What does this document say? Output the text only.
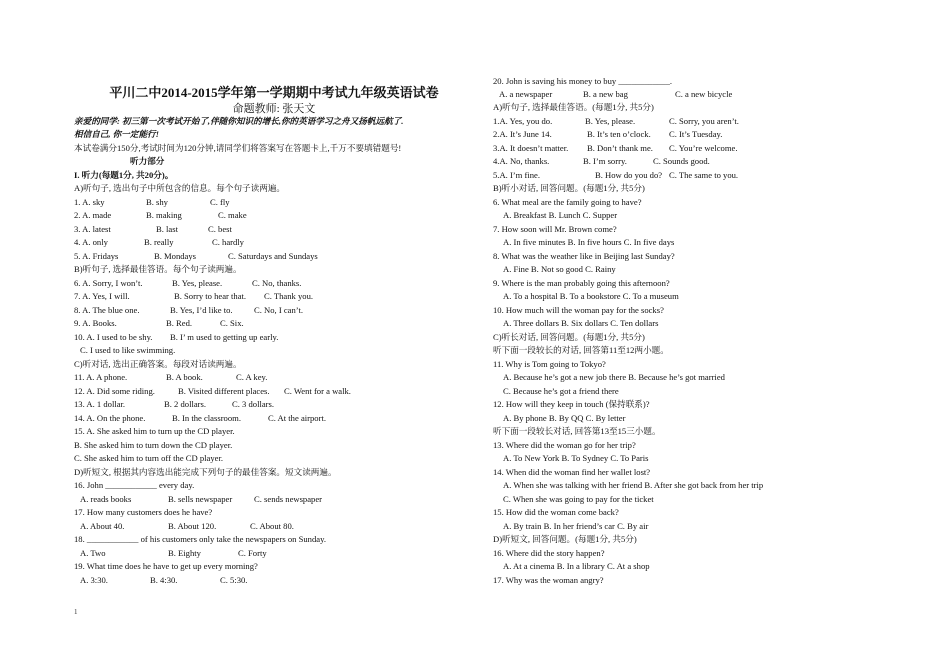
平川二中2014-2015学年第一学期期中考试九年级英语试卷
命题教师: 张天文
亲爱的同学: 初三第一次考试开始了,伴随你知识的增长,你的英语学习之舟又扬帆远航了.
相信自己, 你一定能行!
本试卷满分150分,考试时间为120分钟,请同学们将答案写在答题卡上,千万不要填错题号!
听力部分
I. 听力(每题1分, 共20分)。
A)听句子, 选出句子中所包含的信息。每个句子读两遍。
1. A. sky	B. shy	C. fly
2. A. made	B. making	C. make
3. A. latest	B. last	C. best
4. A. only	B. really	C. hardly
5. A. Fridays	B. Mondays	C. Saturdays and Sundays
B)听句子, 选择最佳答语。每个句子读两遍。
6. A. Sorry, I won’t.	B. Yes, please.	C. No, thanks.
7. A. Yes, I will.	B. Sorry to hear that. C. Thank you.
8. A. The blue one.	B. Yes, I’d like to. C. No, I can’t.
9. A. Books.	B. Red.	C. Six.
10. A. I used to be shy. B. I’ m used to getting up early.
C. I used to like swimming.
C)听对话, 选出正确答案。每段对话读两遍。
11. A. A phone.	B. A book.	C. A key.
12. A. Did some riding.	B. Visited different places. C. Went for a walk.
13. A. 1 dollar.	B. 2 dollars.	C. 3 dollars.
14. A. On the phone.	B. In the classroom.	C. At the airport.
15. A. She asked him to turn up the CD player.
B. She asked him to turn down the CD player.
C. She asked him to turn off the CD player.
D)听短文, 根据其内容选出能完成下列句子的最佳答案。短文读两遍。
16. John ____________ every day.
A. reads books	B. sells newspaper	C. sends newspaper
17. How many customers does he have?
A. About 40.	B. About 120.	C. About 80.
18. ____________ of his customers only take the newspapers on Sunday.
A. Two	B. Eighty	C. Forty
19. What time does he have to get up every morning?
A. 3:30.	B. 4:30.	C. 5:30.
20. John is saving his money to buy ____________.
A. a newspaper	B. a new bag	C. a new bicycle
A)听句子, 选择最佳答语。(每题1分, 共5分)
1.A. Yes, you do.	B. Yes, please.	C. Sorry, you aren’t.
2.A. It’s June 14.	B. It’s ten o’clock. C. It’s Tuesday.
3.A. It doesn’t matter. B. Don’t thank me. C. You’re welcome.
4.A. No, thanks.	B. I’m sorry.	C. Sounds good.
5.A. I’m fine.	B. How do you do? C. The same to you.
B)听小对话, 回答问题。(每题1分, 共5分)
6. What meal are the family going to have?
A. Breakfast B. Lunch C. Supper
7. How soon will Mr. Brown come?
A. In five minutes B. In five hours C. In five days
8. What was the weather like in Beijing last Sunday?
A. Fine B. Not so good C. Rainy
9. Where is the man probably going this afternoon?
A. To a hospital B. To a bookstore C. To a museum
10. How much will the woman pay for the socks?
A. Three dollars B. Six dollars C. Ten dollars
C)听长对话, 回答问题。(每题1分, 共5分)
听下面一段较长的对话, 回答第11至12两小题。
11. Why is Tom going to Tokyo?
A. Because he’s got a new job there B. Because he’s got married
C. Because he’s got a friend there
12. How will they keep in touch (保持联系)?
A. By phone B. By QQ C. By letter
听下面一段较长对话, 回答第13至15三小题。
13. Where did the woman go for her trip?
A. To New York B. To Sydney C. To Paris
14. When did the woman find her wallet lost?
A. When she was talking with her friend B. After she got back from her trip
C. When she was going to pay for the ticket
15. How did the woman come back?
A. By train B. In her friend’s car C. By air
D)听短文, 回答问题。(每题1分, 共5分)
16. Where did the story happen?
A. At a cinema B. In a library C. At a shop
17. Why was the woman angry?
1
